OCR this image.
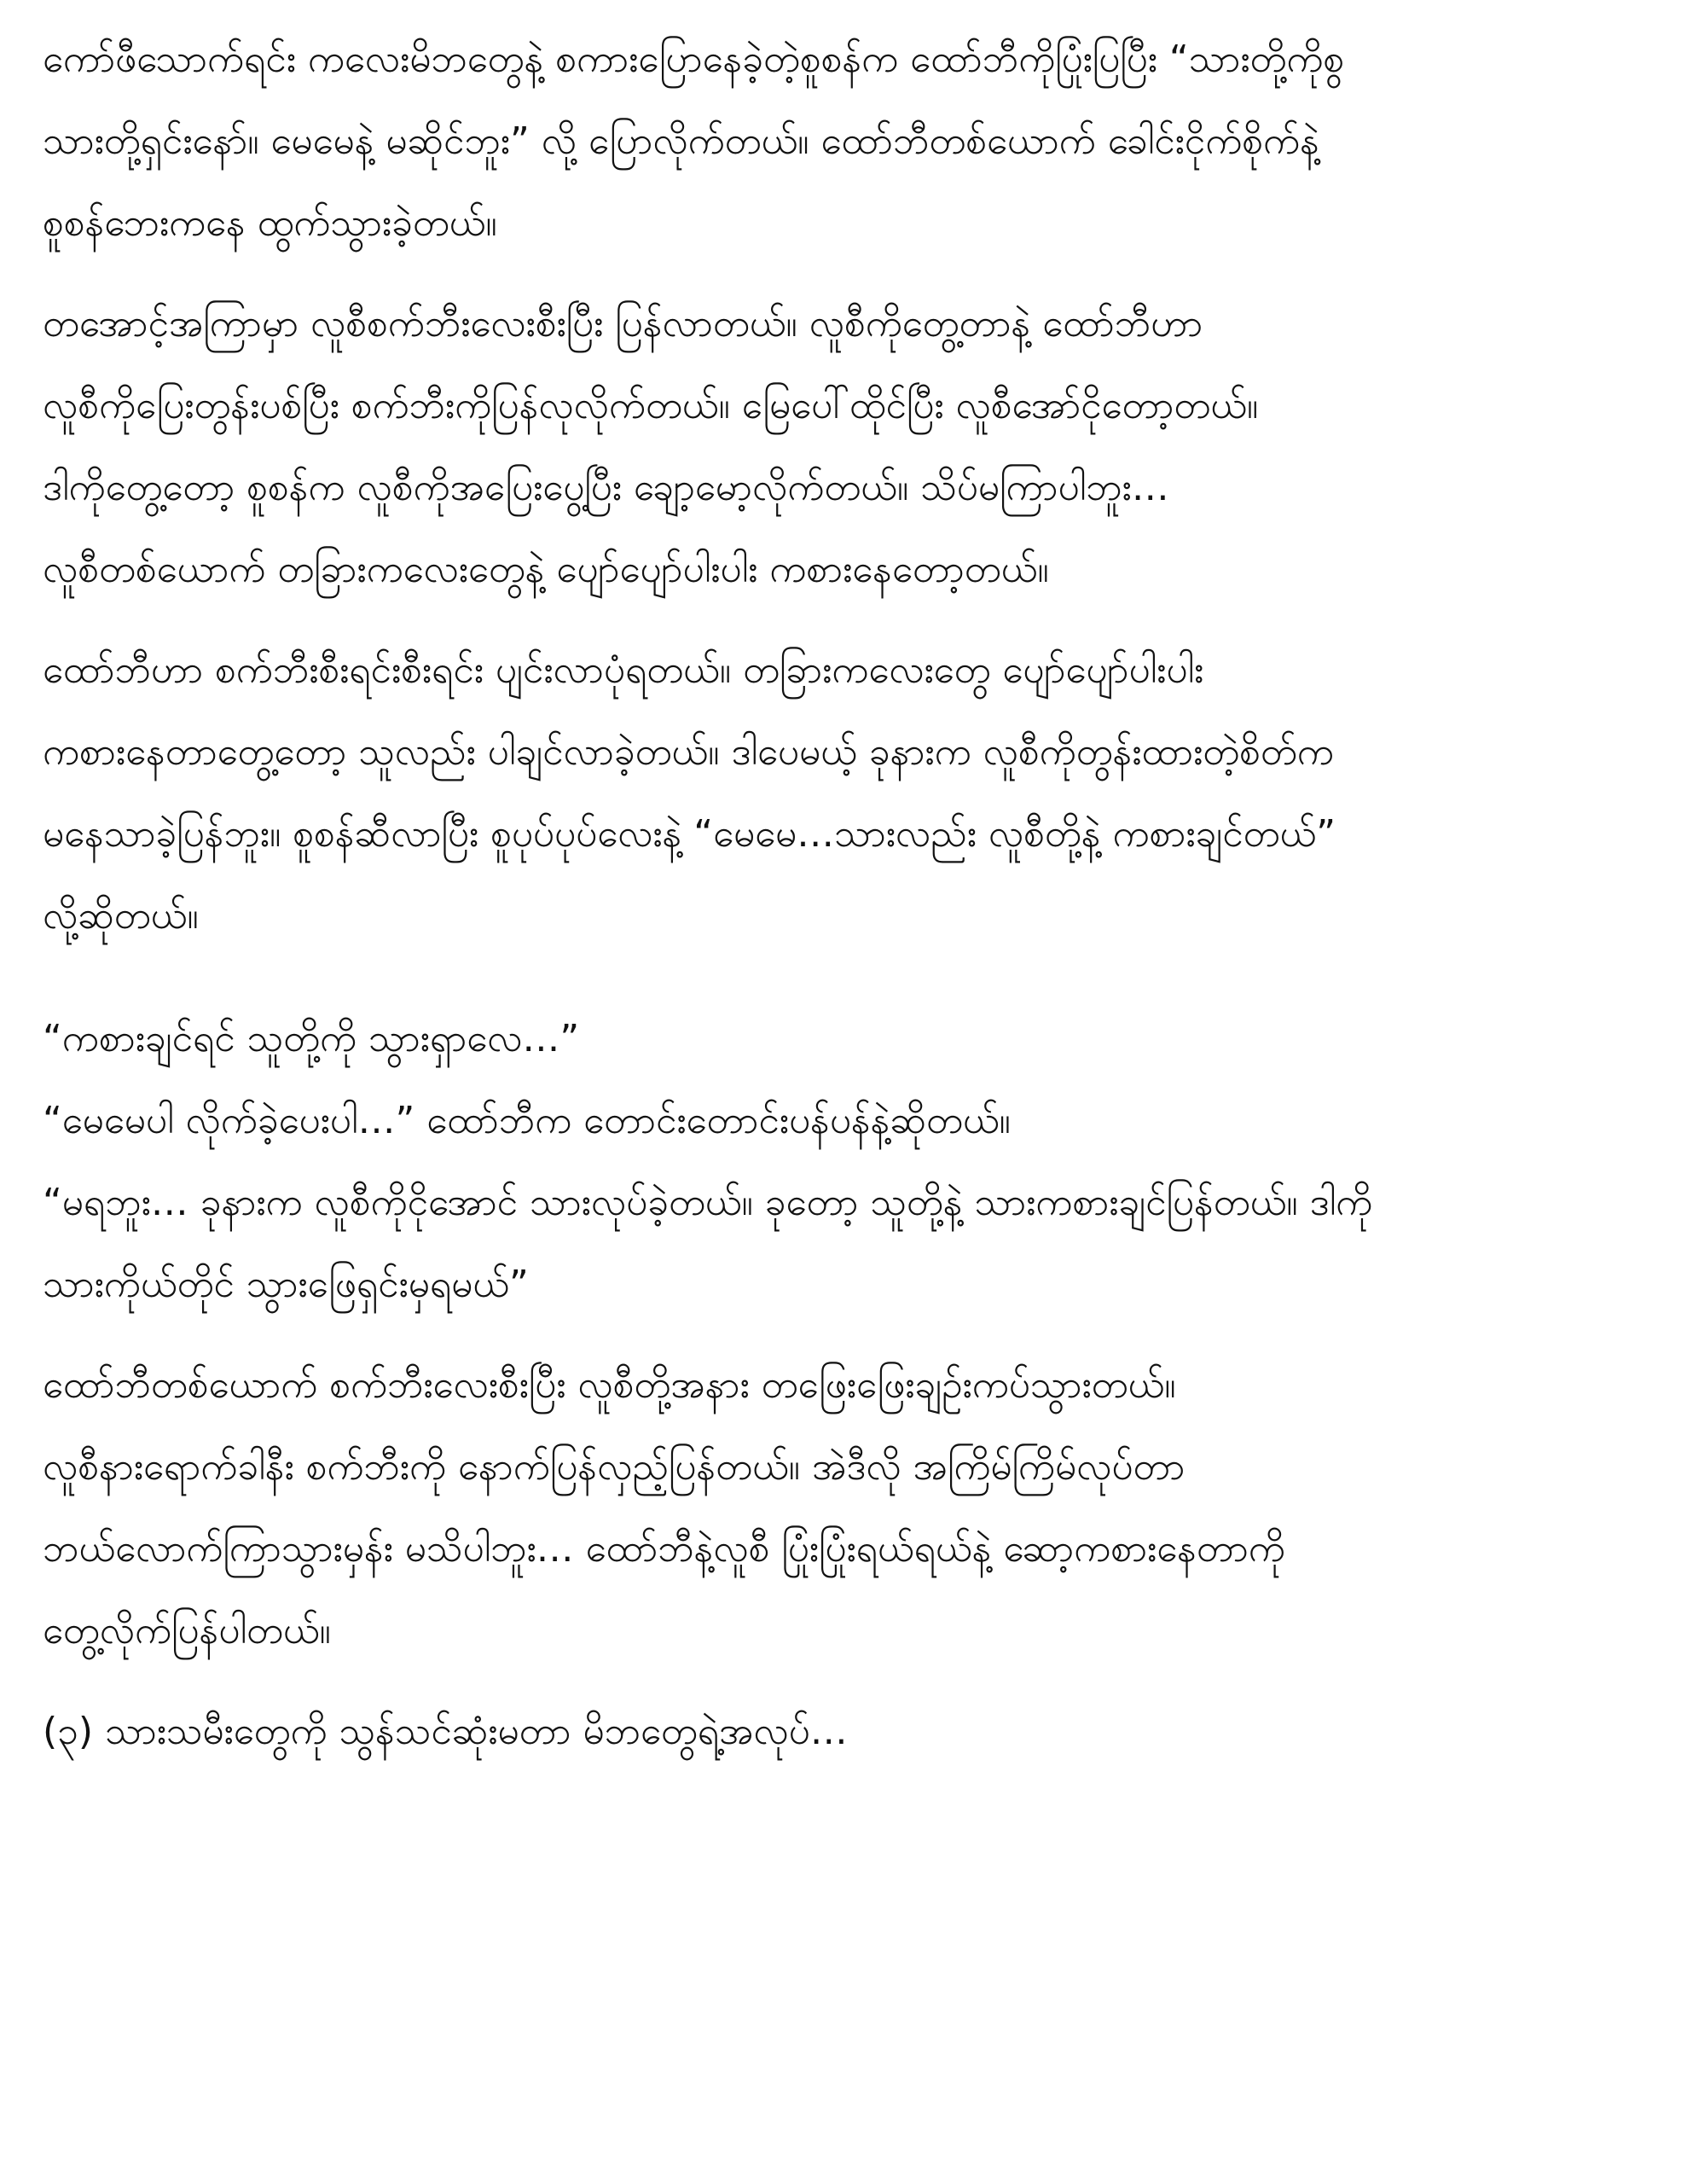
ကော်ဖီသောက်ရင်း ကလေးမိဘတွေနဲ့ စကားပြောနေခဲ့တဲ့စူစန်က ထော်ဘီကိုပြုံးပြပြီး “သားတို့ကိုစွ
သားတို့ရှင်းနော်။ မေမေနဲ့ မဆိုင်ဘူး” လို့ ပြောလိုက်တယ်။ ထော်ဘီတစ်ယောက် ခေါင်းငိုက်စိုက်နဲ့
စူစန်ဘေးကနေ ထွက်သွားခဲ့တယ်။
တအောင့်အကြာမှာ လူစီစက်ဘီးလေးစီးပြီး ပြန်လာတယ်။ လူစီကိုတွေ့တာနဲ့ ထော်ဘီဟာ
လူစီကိုပြေးတွန်းပစ်ပြီး စက်ဘီးကိုပြန်လုလိုက်တယ်။ မြေပေါ်ထိုင်ပြီး လူစီအော်ငိုတော့တယ်။
ဒါကိုတွေ့တော့ စူစန်က လူစီကိုအပြေးပွေ့ပြီး ချော့မော့လိုက်တယ်။ သိပ်မကြာပါဘူး…
လူစီတစ်ယောက် တခြားကလေးတွေနဲ့ ပျော်ပျော်ပါးပါး ကစားနေတော့တယ်။
ထော်ဘီဟာ စက်ဘီးစီးရင်းစီးရင်း ပျင်းလာပုံရတယ်။ တခြားကလေးတွေ ပျော်ပျော်ပါးပါး
ကစားနေတာတွေ့တော့ သူလည်း ပါချင်လာခဲ့တယ်။ ဒါပေမယ့် ခုနားက လူစီကိုတွန်းထားတဲ့စိတ်က
မနေသာခဲ့ပြန်ဘူး။ စူစန်ဆီလာပြီး စူပုပ်ပုပ်လေးနဲ့ “မေမေ…သားလည်း လူစီတို့နဲ့ ကစားချင်တယ်”
လို့ဆိုတယ်။
“ကစားချင်ရင် သူတို့ကို သွားရှာလေ…”
“မေမေပါ လိုက်ခဲ့ပေးပါ…” ထော်ဘီက တောင်းတောင်းပန်ပန်နဲ့ဆိုတယ်။
“မရဘူး… ခုနားက လူစီကိုငိုအောင် သားလုပ်ခဲ့တယ်။ ခုတော့ သူတို့နဲ့ သားကစားချင်ပြန်တယ်။ ဒါကို
သားကိုယ်တိုင် သွားဖြေရှင်းမှရမယ်”
ထော်ဘီတစ်ယောက် စက်ဘီးလေးစီးပြီး လူစီတို့အနား တဖြေးဖြေးချဉ်းကပ်သွားတယ်။
လူစီနားရောက်ခါနီး စက်ဘီးကို နောက်ပြန်လှည့်ပြန်တယ်။ အဲဒီလို အကြိမ်ကြိမ်လုပ်တာ
ဘယ်လောက်ကြာသွားမှန်း မသိပါဘူး… ထော်ဘီနဲ့လူစီ ပြုံးပြုံးရယ်ရယ်နဲ့ ဆော့ကစားနေတာကို
တွေ့လိုက်ပြန်ပါတယ်။
(၃) သားသမီးတွေကို သွန်သင်ဆုံးမတာ မိဘတွေရဲ့အလုပ်…
